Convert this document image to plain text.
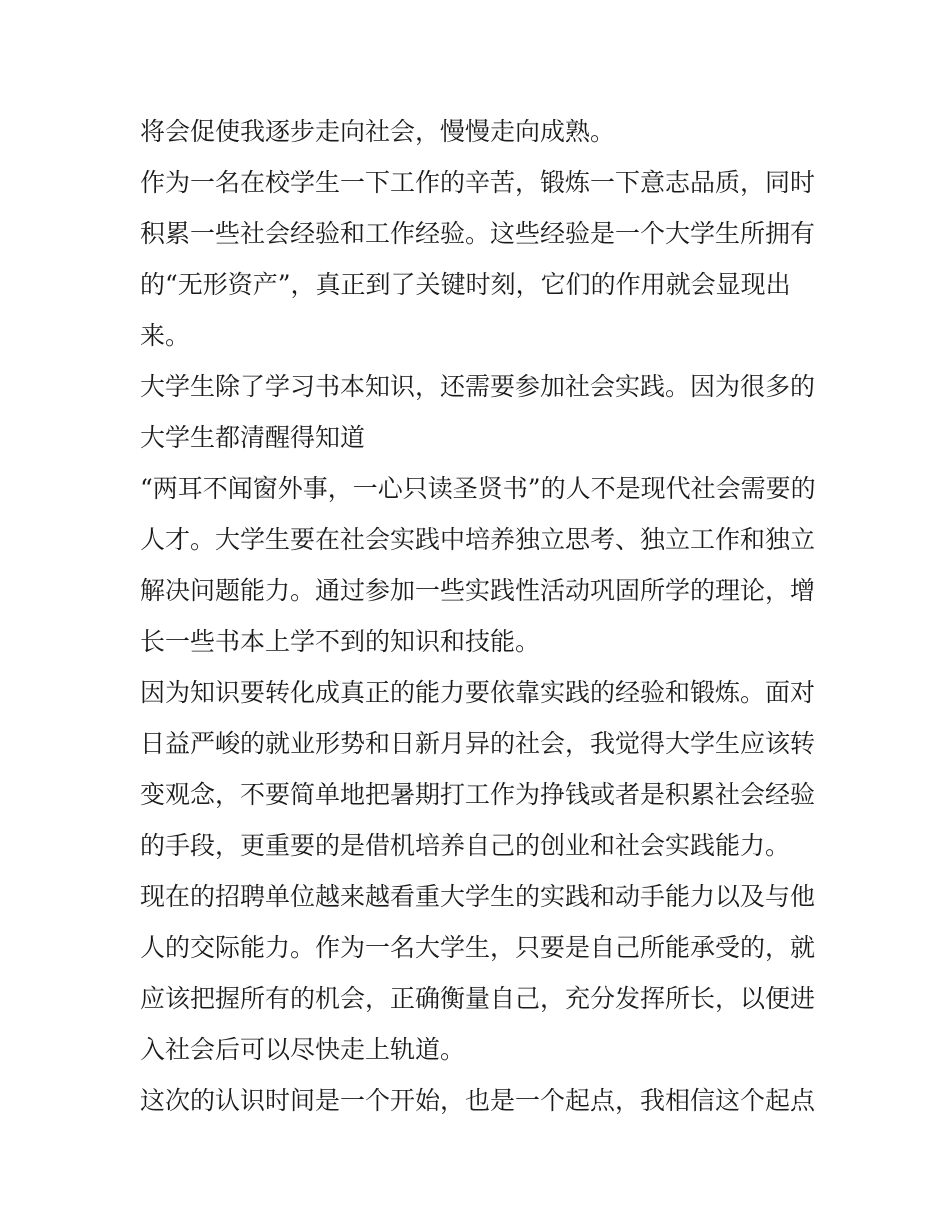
将会促使我逐步走向社会，慢慢走向成熟。
作为一名在校学生一下工作的辛苦，锻炼一下意志品质，同时
积累一些社会经验和工作经验。这些经验是一个大学生所拥有
的“无形资产”，真正到了关键时刻，它们的作用就会显现出
来。
大学生除了学习书本知识，还需要参加社会实践。因为很多的
大学生都清醒得知道
“两耳不闻窗外事，一心只读圣贤书”的人不是现代社会需要的
人才。大学生要在社会实践中培养独立思考、独立工作和独立
解决问题能力。通过参加一些实践性活动巩固所学的理论，增
长一些书本上学不到的知识和技能。
因为知识要转化成真正的能力要依靠实践的经验和锻炼。面对
日益严峻的就业形势和日新月异的社会，我觉得大学生应该转
变观念，不要简单地把暑期打工作为挣钱或者是积累社会经验
的手段，更重要的是借机培养自己的创业和社会实践能力。
现在的招聘单位越来越看重大学生的实践和动手能力以及与他
人的交际能力。作为一名大学生，只要是自己所能承受的，就
应该把握所有的机会，正确衡量自己，充分发挥所长，以便进
入社会后可以尽快走上轨道。
这次的认识时间是一个开始，也是一个起点，我相信这个起点
